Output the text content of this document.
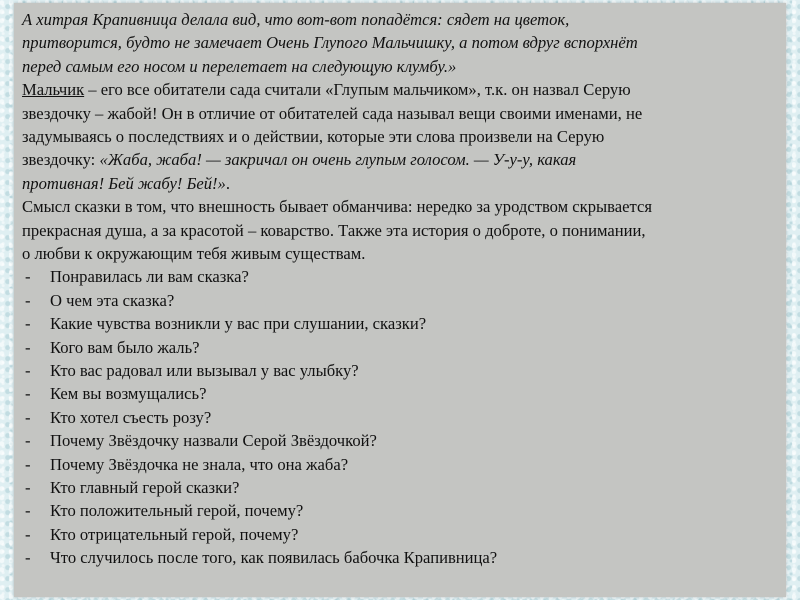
А хитрая Крапивница делала вид, что вот-вот попадётся: сядет на цветок,
притворится, будто не замечает Очень Глупого Мальчишку, а потом вдруг вспорхнёт
перед самым его носом и перелетает на следующую клумбу.»
Мальчик – его все обитатели сада считали «Глупым мальчиком», т.к. он назвал Серую
звездочку – жабой! Он в отличие от обитателей сада называл вещи своими именами, не
задумываясь о последствиях и о действии, которые эти слова произвели на Серую
звездочку: «Жаба, жаба! — закричал он очень глупым голосом. — У-у-у, какая
противная! Бей жабу! Бей!».
Смысл сказки в том, что внешность бывает обманчива: нередко за уродством скрывается
прекрасная душа, а за красотой – коварство. Также эта история о доброте, о понимании,
о любви к окружающим тебя живым существам.
- Понравилась ли вам сказка?
- О чем эта сказка?
- Какие чувства возникли у вас при слушании, сказки?
- Кого вам было жаль?
- Кто вас радовал или вызывал у вас улыбку?
- Кем вы возмущались?
- Кто хотел съесть розу?
- Почему Звёздочку назвали Серой Звёздочкой?
- Почему Звёздочка не знала, что она жаба?
- Кто главный герой сказки?
- Кто положительный герой, почему?
- Кто отрицательный герой, почему?
- Что случилось после того, как появилась бабочка Крапивница?
